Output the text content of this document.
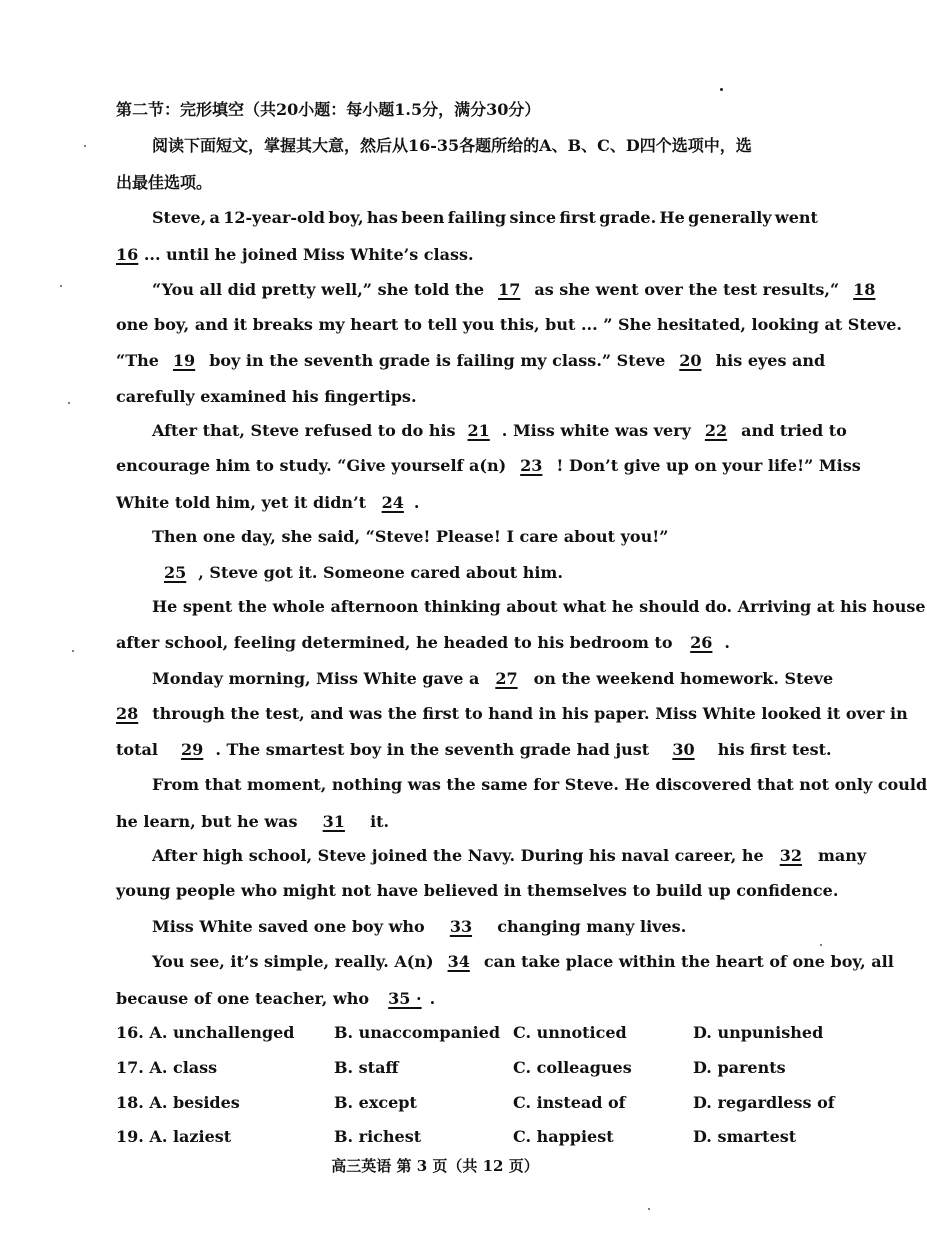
第二节：完形填空（共20小题：每小题1.5分，满分30分）
阅读下面短文，掌握其大意，然后从16-35各题所给的A、B、C、D四个选项中，选
出最佳选项。
Steve, a 12-year-old boy, has been failing since first grade. He generally went
16 ... until he joined Miss White’s class.
“You all did pretty well,” she told the 17 as she went over the test results,“ 18
one boy, and it breaks my heart to tell you this, but ... ” She hesitated, looking at Steve.
“The 19 boy in the seventh grade is failing my class.” Steve 20 his eyes and
carefully examined his fingertips.
After that, Steve refused to do his 21 . Miss white was very 22 and tried to
encourage him to study. “Give yourself a(n) 23 ! Don’t give up on your life!” Miss
White told him, yet it didn’t 24 .
Then one day, she said, “Steve! Please! I care about you!”
25 , Steve got it. Someone cared about him.
He spent the whole afternoon thinking about what he should do. Arriving at his house
after school, feeling determined, he headed to his bedroom to 26 .
Monday morning, Miss White gave a	27	on the weekend homework. Steve
28 through the test, and was the first to hand in his paper. Miss White looked it over in
total 29 . The smartest boy in the seventh grade had just 30 his first test.
From that moment, nothing was the same for Steve. He discovered that not only could
he learn, but he was 31 it.
After high school, Steve joined the Navy. During his naval career, he	32	many
young people who might not have believed in themselves to build up confidence.
Miss White saved one boy who 33 changing many lives.
You see, it’s simple, really. A(n) 34 can take place within the heart of one boy, all
because of one teacher, who 35 · .
16. A. unchallenged B. unaccompanied C. unnoticed	D. unpunished
17. A. class	B. staff	C. colleagues	D. parents
18. A. besides	B. except	C. instead of	D. regardless of
19. A. laziest	B. richest	C. happiest	D. smartest
高三英语 第 3 页（共 12 页）
